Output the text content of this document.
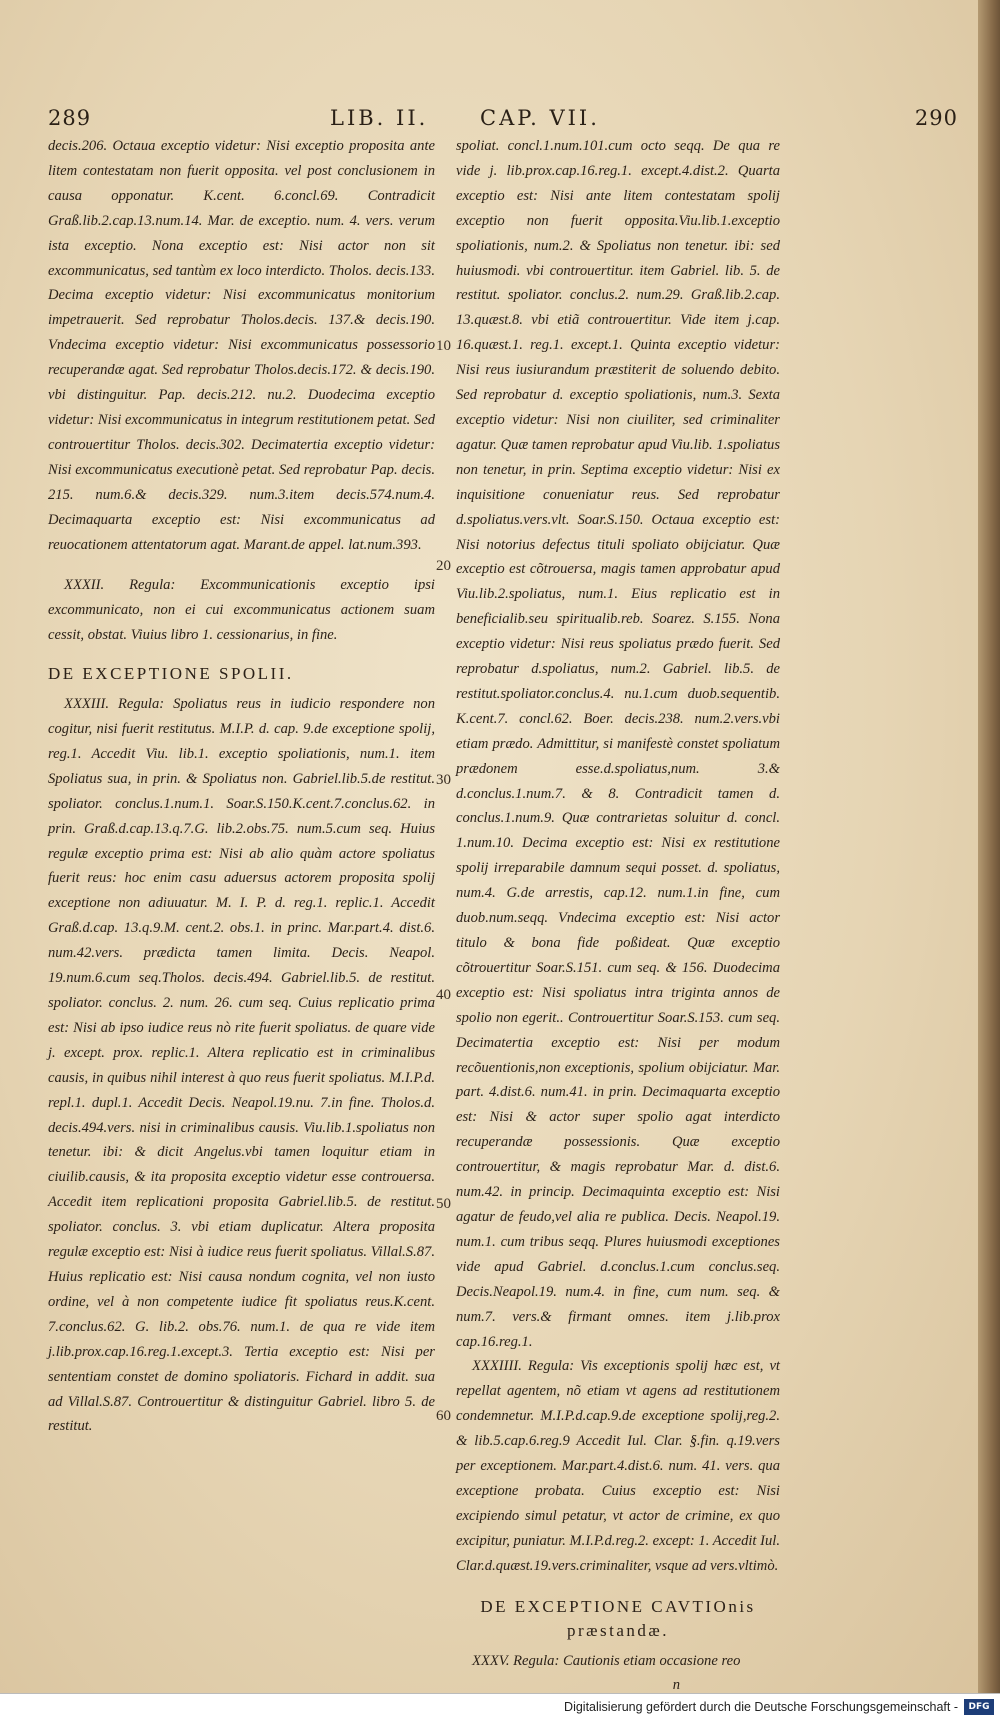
289	LIB. II. CAP. VII.	290

decis.206. Octaua exceptio videtur: Nisi exceptio proposita ante litem contestatam non fuerit opposita. vel post conclusionem in causa opponatur. K.cent. 6.concl.69. Contradicit Graß.lib.2.cap.13.num.14. Mar. de exceptio. num. 4. vers. verum ista exceptio. Nona exceptio est: Nisi actor non sit excommunicatus, sed tantùm ex loco interdicto. Tholos. decis.133. Decima exceptio videtur: Nisi excommunicatus monitorium impetrauerit. Sed reprobatur Tholos.decis. 137.& decis.190. Vndecima exceptio videtur: Nisi excommunicatus possessorio recuperandæ agat. Sed reprobatur Tholos.decis.172. & decis.190. vbi distinguitur. Pap. decis.212. nu.2. Duodecima exceptio videtur: Nisi excommunicatus in integrum restitutionem petat. Sed controuertitur Tholos. decis.302. Decimatertia exceptio videtur: Nisi excommunicatus executionè petat. Sed reprobatur Pap. decis. 215. num.6.& decis.329. num.3.item decis.574.num.4. Decimaquarta exceptio est: Nisi excommunicatus ad reuocationem attentatorum agat. Marant.de appel. lat.num.393.

XXXII. Regula: Excommunicationis exceptio ipsi excommunicato, non ei cui excommunicatus actionem suam cessit, obstat. Viuius libro 1. cessionarius, in fine.

DE EXCEPTIONE SPOLII.

XXXIII. Regula: Spoliatus reus in iudicio respondere non cogitur, nisi fuerit restitutus. M.I.P. d. cap. 9.de exceptione spolij, reg.1. Accedit Viu. lib.1. exceptio spoliationis, num.1. item Spoliatus sua, in prin. & Spoliatus non. Gabriel.lib.5.de restitut. spoliator. conclus.1.num.1. Soar.S.150.K.cent.7.conclus.62. in prin. Graß.d.cap.13.q.7.G. lib.2.obs.75. num.5.cum seq. Huius regulæ exceptio prima est: Nisi ab alio quàm actore spoliatus fuerit reus: hoc enim casu aduersus actorem proposita spolij exceptione non adiuuatur. M. I. P. d. reg.1. replic.1. Accedit Graß.d.cap. 13.q.9.M. cent.2. obs.1. in princ. Mar.part.4. dist.6. num.42.vers. prædicta tamen limita. Decis. Neapol. 19.num.6.cum seq.Tholos. decis.494. Gabriel.lib.5. de restitut. spoliator. conclus. 2. num. 26. cum seq. Cuius replicatio prima est: Nisi ab ipso iudice reus nò rite fuerit spoliatus. de quare vide j. except. prox. replic.1. Altera replicatio est in criminalibus causis, in quibus nihil interest à quo reus fuerit spoliatus. M.I.P.d. repl.1. dupl.1. Accedit Decis. Neapol.19.nu. 7.in fine. Tholos.d. decis.494.vers. nisi in criminalibus causis. Viu.lib.1.spoliatus non tenetur. ibi: & dicit Angelus.vbi tamen loquitur etiam in ciuilib.causis, & ita proposita exceptio videtur esse controuersa. Accedit item replicationi proposita Gabriel.lib.5. de restitut. spoliator. conclus. 3. vbi etiam duplicatur. Altera proposita regulæ exceptio est: Nisi à iudice reus fuerit spoliatus. Villal.S.87. Huius replicatio est: Nisi causa nondum cognita, vel non iusto ordine, vel à non competente iudice fit spoliatus reus.K.cent. 7.conclus.62. G. lib.2. obs.76. num.1. de qua re vide item j.lib.prox.cap.16.reg.1.except.3. Tertia exceptio est: Nisi per sententiam constet de domino spoliatoris. Fichard in addit. sua ad Villal.S.87. Controuertitur & distinguitur Gabriel. libro 5. de restitut.

spoliat. concl.1.num.101.cum octo seqq. De qua re vide j. lib.prox.cap.16.reg.1. except.4.dist.2. Quarta exceptio est: Nisi ante litem contestatam spolij exceptio non fuerit opposita.Viu.lib.1.exceptio spoliationis, num.2. & Spoliatus non tenetur. ibi: sed huiusmodi. vbi controuertitur. item Gabriel. lib. 5. de restitut. spoliator. conclus.2. num.29. Graß.lib.2.cap. 13.quæst.8. vbi etiã controuertitur. Vide item j.cap. 16.quæst.1. reg.1. except.1. Quinta exceptio videtur: Nisi reus iusiurandum præstiterit de soluendo debito. Sed reprobatur d. exceptio spoliationis, num.3. Sexta exceptio videtur: Nisi non ciuiliter, sed criminaliter agatur. Quæ tamen reprobatur apud Viu.lib. 1.spoliatus non tenetur, in prin. Septima exceptio videtur: Nisi ex inquisitione conueniatur reus. Sed reprobatur d.spoliatus.vers.vlt. Soar.S.150. Octaua exceptio est: Nisi notorius defectus tituli spoliato obijciatur. Quæ exceptio est cõtrouersa, magis tamen approbatur apud Viu.lib.2.spoliatus, num.1. Eius replicatio est in beneficialib.seu spiritualib.reb. Soarez. S.155. Nona exceptio videtur: Nisi reus spoliatus prædo fuerit. Sed reprobatur d.spoliatus, num.2. Gabriel. lib.5. de restitut.spoliator.conclus.4. nu.1.cum duob.sequentib. K.cent.7. concl.62. Boer. decis.238. num.2.vers.vbi etiam prædo. Admittitur, si manifestè constet spoliatum prædonem esse.d.spoliatus,num. 3.& d.conclus.1.num.7. & 8. Contradicit tamen d. conclus.1.num.9. Quæ contrarietas soluitur d. concl. 1.num.10. Decima exceptio est: Nisi ex restitutione spolij irreparabile damnum sequi posset. d. spoliatus, num.4. G.de arrestis, cap.12. num.1.in fine, cum duob.num.seqq. Vndecima exceptio est: Nisi actor titulo & bona fide poßideat. Quæ exceptio cõtrouertitur Soar.S.151. cum seq. & 156. Duodecima exceptio est: Nisi spoliatus intra triginta annos de spolio non egerit.. Controuertitur Soar.S.153. cum seq. Decimatertia exceptio est: Nisi per modum recõuentionis,non exceptionis, spolium obijciatur. Mar. part. 4.dist.6. num.41. in prin. Decimaquarta exceptio est: Nisi & actor super spolio agat interdicto recuperandæ possessionis. Quæ exceptio controuertitur, & magis reprobatur Mar. d. dist.6. num.42. in princip. Decimaquinta exceptio est: Nisi agatur de feudo,vel alia re publica. Decis. Neapol.19. num.1. cum tribus seqq. Plures huiusmodi exceptiones vide apud Gabriel. d.conclus.1.cum conclus.seq. Decis.Neapol.19. num.4. in fine, cum num. seq. & num.7. vers.& firmant omnes. item j.lib.prox cap.16.reg.1.

XXXIIII. Regula: Vis exceptionis spolij hæc est, vt repellat agentem, nõ etiam vt agens ad restitutionem condemnetur. M.I.P.d.cap.9.de exceptione spolij,reg.2. & lib.5.cap.6.reg.9 Accedit Iul. Clar. §.fin. q.19.vers per exceptionem. Mar.part.4.dist.6. num. 41. vers. qua exceptione probata. Cuius exceptio est: Nisi excipiendo simul petatur, vt actor de crimine, ex quo excipitur, puniatur. M.I.P.d.reg.2. except: 1. Accedit Iul. Clar.d.quæst.19.vers.criminaliter, vsque ad vers.vltimò.

DE EXCEPTIONE CAVTIOnis præstandæ.

XXXV. Regula: Cautionis etiam occasione reo

n
10
20
30
40
50
60
Digitalisierung gefördert durch die Deutsche Forschungsgemeinschaft -	DFG
